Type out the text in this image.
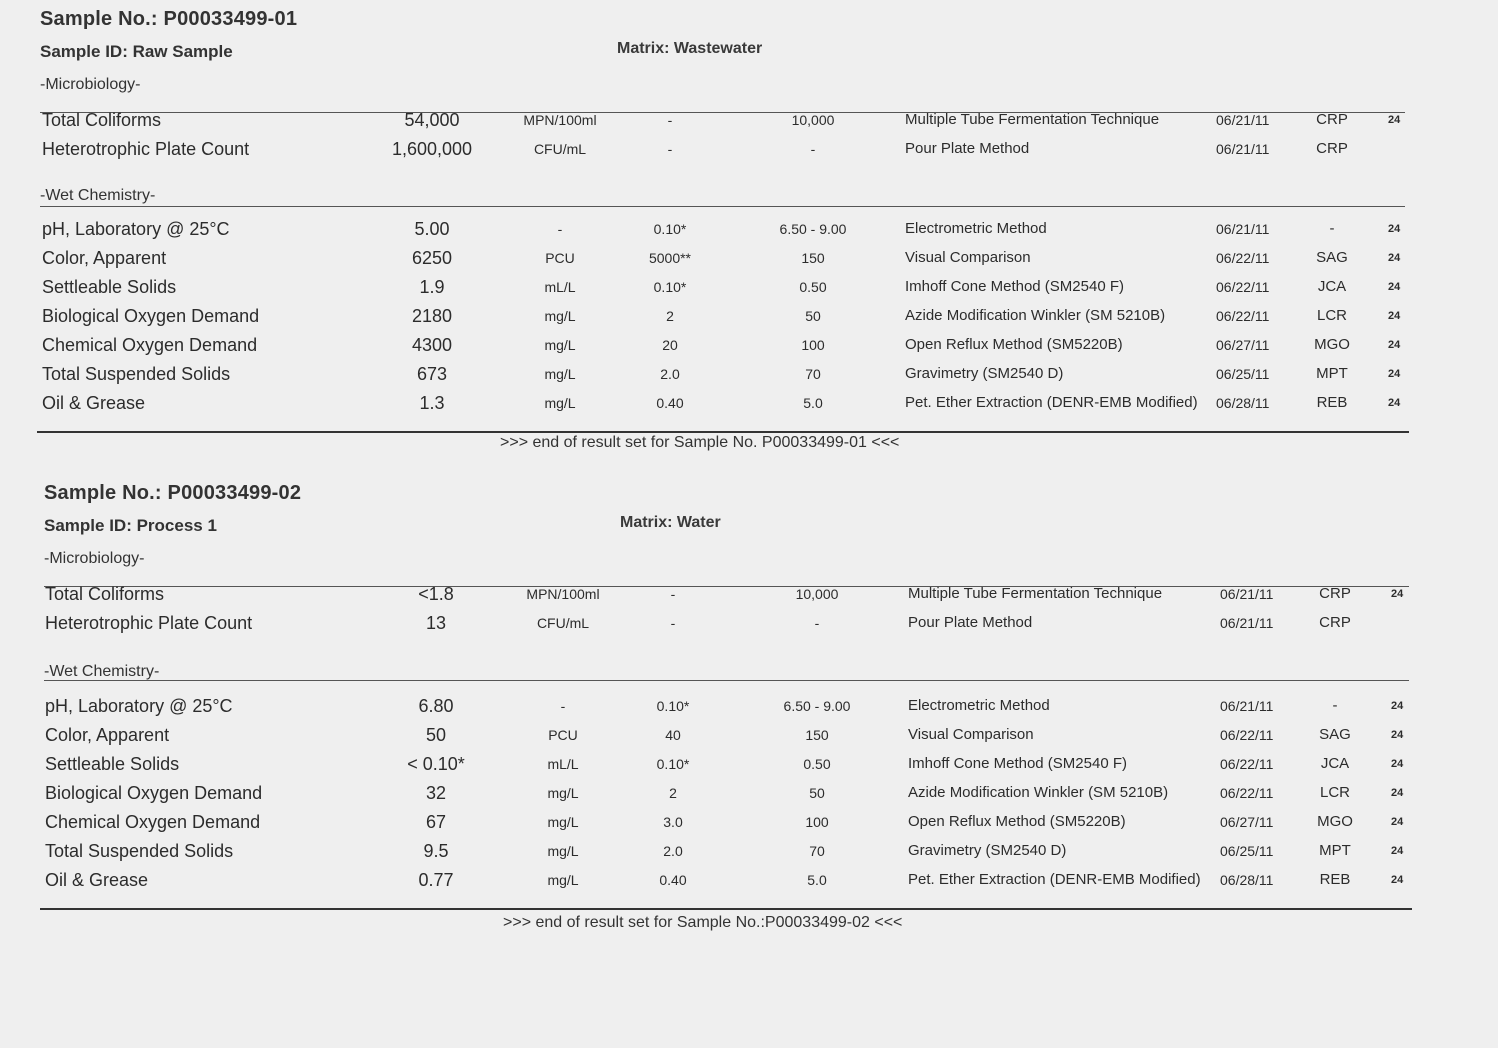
Sample No.: P00033499-01
Sample ID: Raw Sample	Matrix: Wastewater
-Microbiology-
Total Coliforms	54,000	MPN/100ml	-	10,000	Multiple Tube Fermentation Technique	06/21/11	CRP	24
Heterotrophic Plate Count	1,600,000	CFU/mL	-	-	Pour Plate Method	06/21/11	CRP
-Wet Chemistry-
pH, Laboratory @ 25°C	5.00	-	0.10*	6.50 - 9.00	Electrometric Method	06/21/11	-	24
Color, Apparent	6250	PCU	5000**	150	Visual Comparison	06/22/11	SAG	24
Settleable Solids	1.9	mL/L	0.10*	0.50	Imhoff Cone Method (SM2540 F)	06/22/11	JCA	24
Biological Oxygen Demand	2180	mg/L	2	50	Azide Modification Winkler (SM 5210B)	06/22/11	LCR	24
Chemical Oxygen Demand	4300	mg/L	20	100	Open Reflux Method (SM5220B)	06/27/11	MGO	24
Total Suspended Solids	673	mg/L	2.0	70	Gravimetry (SM2540 D)	06/25/11	MPT	24
Oil & Grease	1.3	mg/L	0.40	5.0	Pet. Ether Extraction (DENR-EMB Modified) 06/28/11	REB	24
>>> end of result set for Sample No. P00033499-01 <<<
Sample No.: P00033499-02
Sample ID: Process 1	Matrix: Water
-Microbiology-
Total Coliforms	<1.8	MPN/100ml	-	10,000	Multiple Tube Fermentation Technique	06/21/11	CRP	24
Heterotrophic Plate Count	13	CFU/mL	-	-	Pour Plate Method	06/21/11	CRP
-Wet Chemistry-
pH, Laboratory @ 25°C	6.80	-	0.10*	6.50 - 9.00	Electrometric Method	06/21/11	-	24
Color, Apparent	50	PCU	40	150	Visual Comparison	06/22/11	SAG	24
Settleable Solids	< 0.10*	mL/L	0.10*	0.50	Imhoff Cone Method (SM2540 F)	06/22/11	JCA	24
Biological Oxygen Demand	32	mg/L	2	50	Azide Modification Winkler (SM 5210B)	06/22/11	LCR	24
Chemical Oxygen Demand	67	mg/L	3.0	100	Open Reflux Method (SM5220B)	06/27/11	MGO	24
Total Suspended Solids	9.5	mg/L	2.0	70	Gravimetry (SM2540 D)	06/25/11	MPT	24
Oil & Grease	0.77	mg/L	0.40	5.0	Pet. Ether Extraction (DENR-EMB Modified) 06/28/11	REB	24
>>> end of result set for Sample No.:P00033499-02 <<<
